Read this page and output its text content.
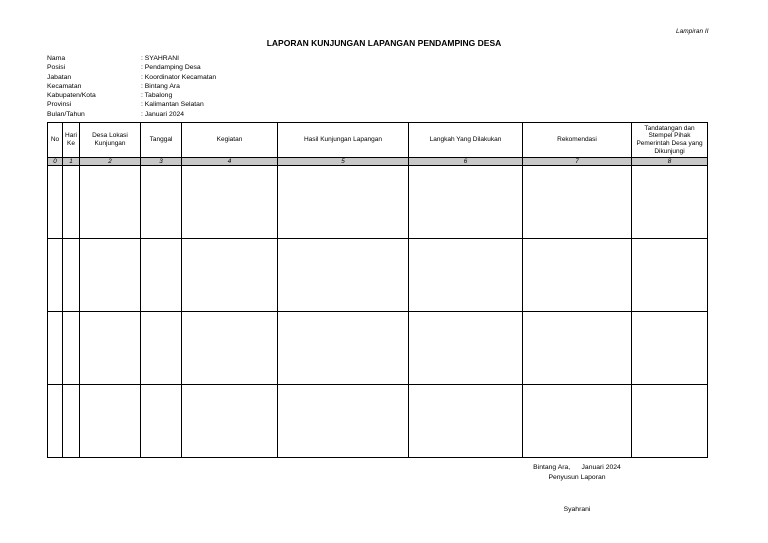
Lampiran II
LAPORAN KUNJUNGAN LAPANGAN PENDAMPING DESA
Nama	: SYAHRANI
Posisi	: Pendamping Desa
Jabatan	: Koordinator Kecamatan
Kecamatan	: Bintang Ara
Kabupaten/Kota	: Tabalong
Provinsi	: Kalimantan Selatan
Bulan/Tahun	: Januari 2024
No	Hari Ke	Desa Lokasi Kunjungan	Tanggal	Kegiatan	Hasil Kunjungan Lapangan	Langkah Yang Dilakukan	Rekomendasi	Tandatangan dan Stempel Pihak Pemerintah Desa yang Dikunjungi
0	1	2	3	4	5	6	7	8

Bintang Ara,      Januari 2024
Penyusun Laporan
Syahrani
